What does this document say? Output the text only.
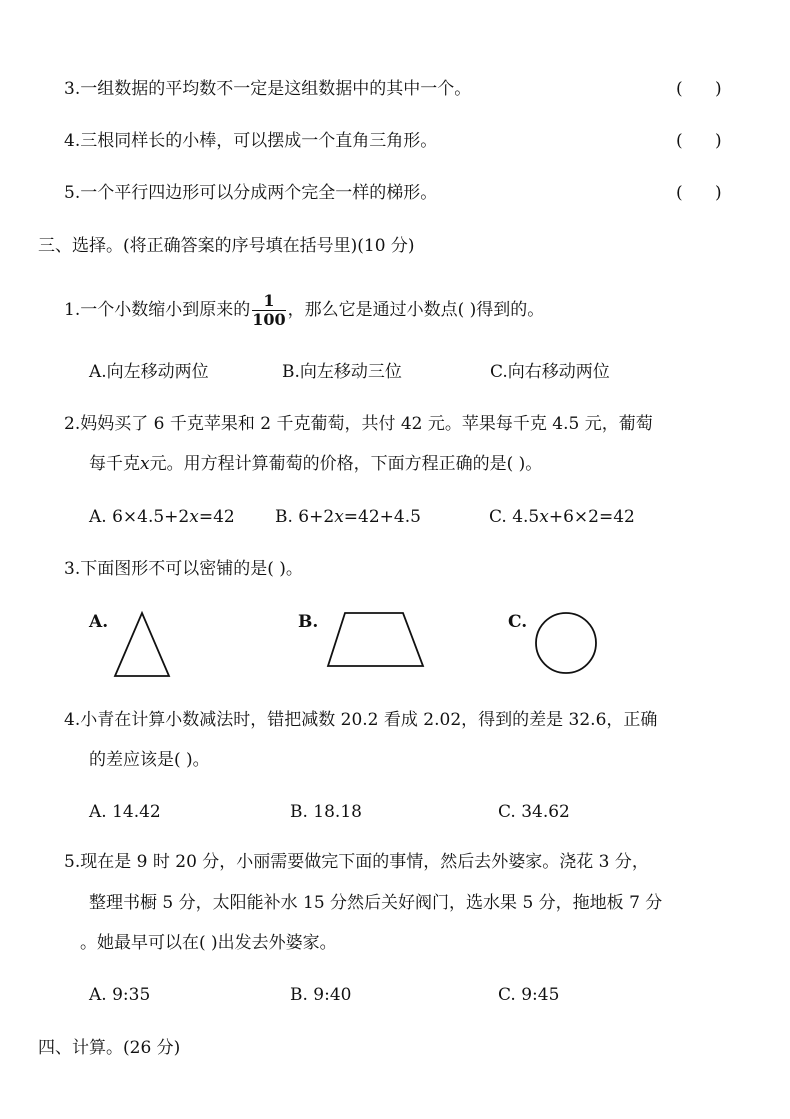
3.一组数据的平均数不一定是这组数据中的其中一个。	(      )
4.三根同样长的小棒，可以摆成一个直角三角形。	(      )
5.一个平行四边形可以分成两个完全一样的梯形。	(      )
三、选择。(将正确答案的序号填在括号里)(10 分)
1.一个小数缩小到原来的 $\frac{1}{100}$ ，那么它是通过小数点( )得到的。
A.向左移动两位	B.向左移动三位	C.向右移动两位
2.妈妈买了 6 千克苹果和 2 千克葡萄，共付 42 元。苹果每千克 4.5 元，葡萄
每千克x元。用方程计算葡萄的价格，下面方程正确的是( )。
A. 6×4.5+2x=42 B. 6+2x=42+4.5	C. 4.5x+6×2=42
3.下面图形不可以密铺的是( )。
A.	B.	C.
4.小青在计算小数减法时，错把减数 20.2 看成 2.02，得到的差是 32.6，正确
的差应该是( )。
A. 14.42	B. 18.18	C. 34.62
5.现在是 9 时 20 分，小丽需要做完下面的事情，然后去外婆家。浇花 3 分，
整理书橱 5 分，太阳能补水 15 分然后关好阀门，选水果 5 分，拖地板 7 分
。她最早可以在( )出发去外婆家。
A. 9:35	B. 9:40	C. 9:45
四、计算。(26 分)
